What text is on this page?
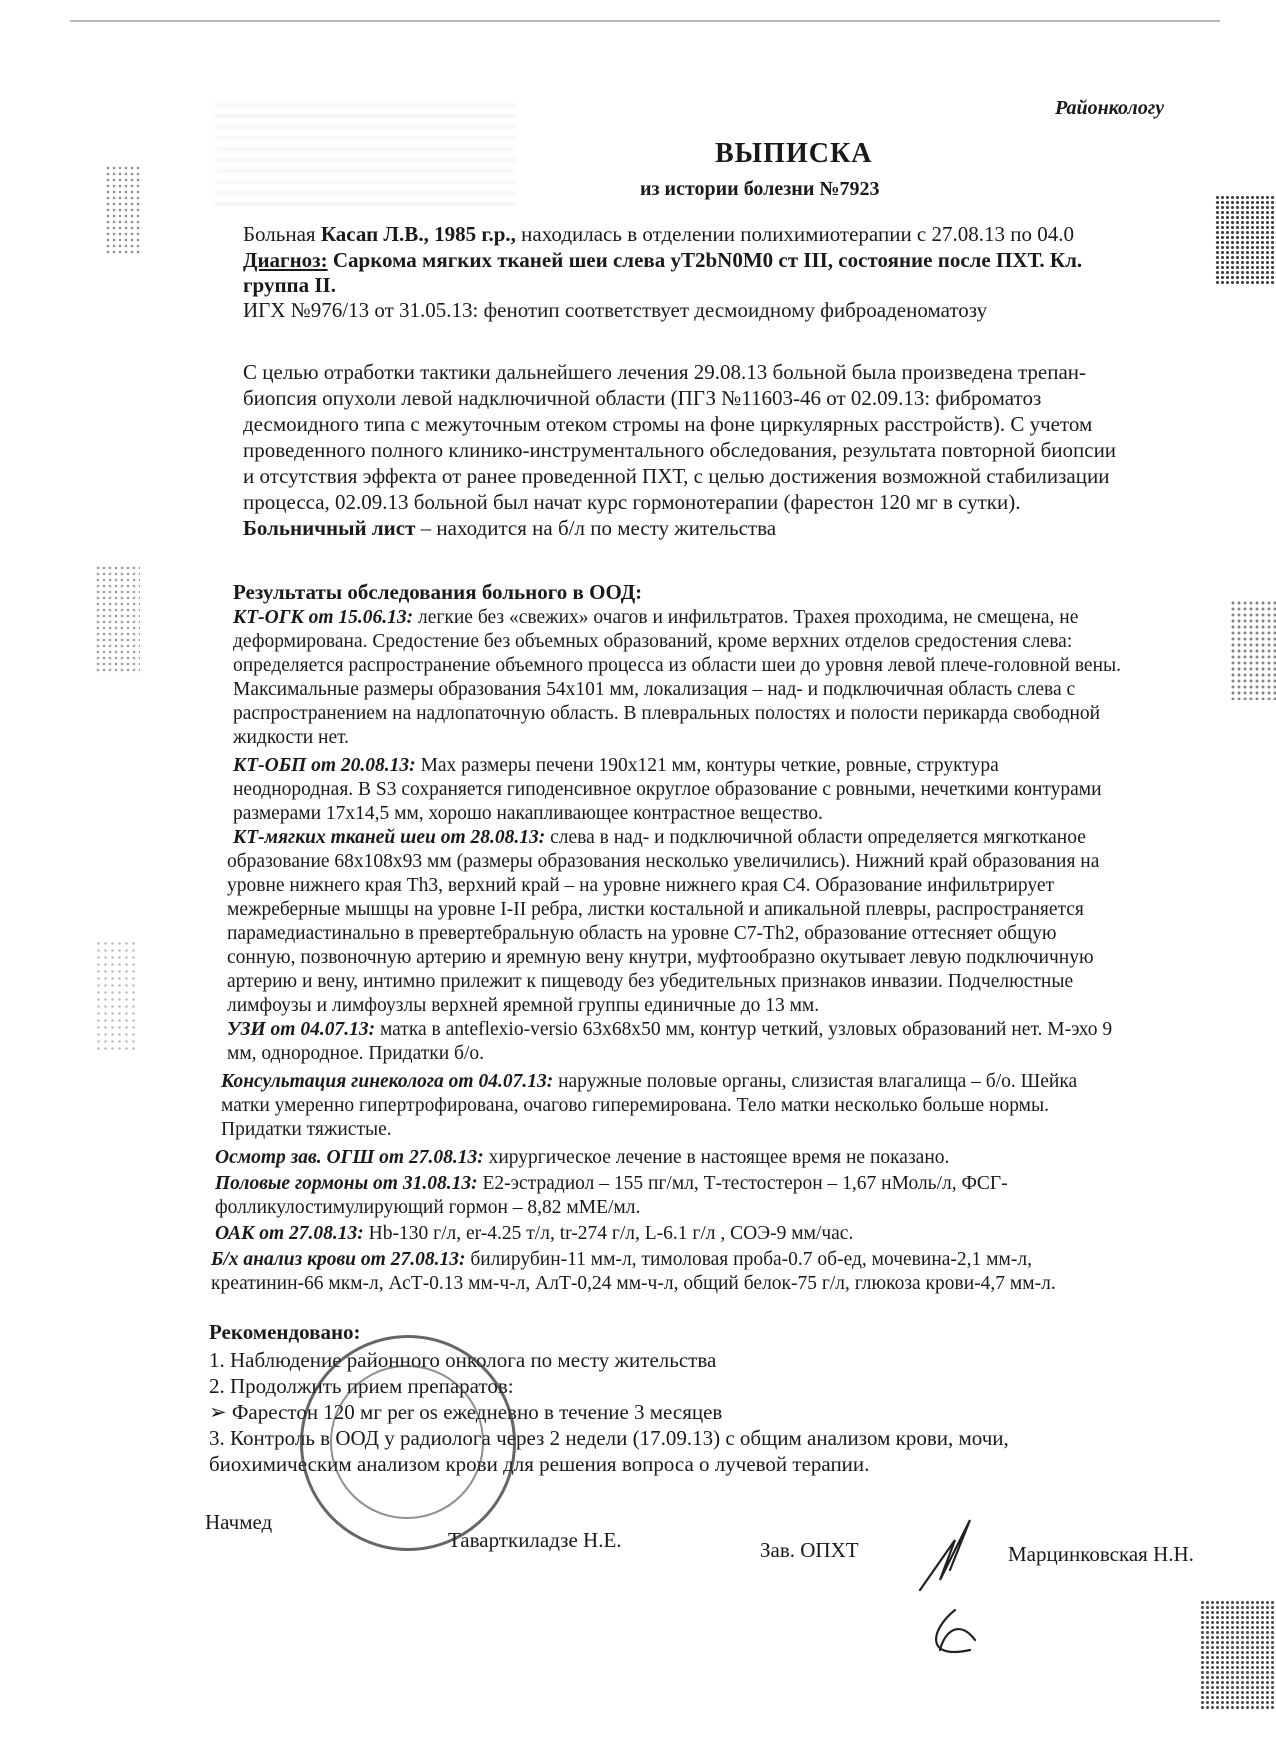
Районкологу
ВЫПИСКА
из истории болезни №7923
Больная Касап Л.В., 1985 г.р., находилась в отделении полихимиотерапии с 27.08.13 по 04.0
Диагноз: Саркома мягких тканей шеи слева уТ2bN0M0 ст III, состояние после ПХТ. Кл.
группа II.
ИГХ №976/13 от 31.05.13: фенотип соответствует десмоидному фиброаденоматозу
С целью отработки тактики дальнейшего лечения 29.08.13 больной была произведена трепан-
биопсия опухоли левой надключичной области (ПГЗ №11603-46 от 02.09.13: фиброматоз
десмоидного типа с межуточным отеком стромы на фоне циркулярных расстройств). С учетом
проведенного полного клинико-инструментального обследования, результата повторной биопсии
и отсутствия эффекта от ранее проведенной ПХТ, с целью достижения возможной стабилизации
процесса, 02.09.13 больной был начат курс гормонотерапии (фарестон 120 мг в сутки).
Больничный лист – находится на б/л по месту жительства
Результаты обследования больного в ООД:
КТ-ОГК от 15.06.13: легкие без «свежих» очагов и инфильтратов. Трахея проходима, не смещена, не
деформирована. Средостение без объемных образований, кроме верхних отделов средостения слева:
определяется распространение объемного процесса из области шеи до уровня левой плече-головной вены.
Максимальные размеры образования 54x101 мм, локализация – над- и подключичная область слева с
распространением на надлопаточную область. В плевральных полостях и полости перикарда свободной
жидкости нет.
КТ-ОБП от 20.08.13: Max размеры печени 190x121 мм, контуры четкие, ровные, структура
неоднородная. В S3 сохраняется гиподенсивное округлое образование с ровными, нечеткими контурами
размерами 17x14,5 мм, хорошо накапливающее контрастное вещество.
КТ-мягких тканей шеи от 28.08.13: слева в над- и подключичной области определяется мягкотканое
образование 68x108x93 мм (размеры образования несколько увеличились). Нижний край образования на
уровне нижнего края Th3, верхний край – на уровне нижнего края С4. Образование инфильтрирует
межреберные мышцы на уровне I-II ребра, листки костальной и апикальной плевры, распространяется
парамедиастинально в превертебральную область на уровне С7-Th2, образование оттесняет общую
сонную, позвоночную артерию и яремную вену кнутри, муфтообразно окутывает левую подключичную
артерию и вену, интимно прилежит к пищеводу без убедительных признаков инвазии. Подчелюстные
лимфоузы и лимфоузлы верхней яремной группы единичные до 13 мм.
УЗИ от 04.07.13: матка в anteflexio-versio 63x68x50 мм, контур четкий, узловых образований нет. М-эхо 9
мм, однородное. Придатки б/о.
Консультация гинеколога от 04.07.13: наружные половые органы, слизистая влагалища – б/о. Шейка
матки умеренно гипертрофирована, очагово гиперемирована. Тело матки несколько больше нормы.
Придатки тяжистые.
Осмотр зав. ОГШ от 27.08.13: хирургическое лечение в настоящее время не показано.
Половые гормоны от 31.08.13: Е2-эстрадиол – 155 пг/мл, Т-тестостерон – 1,67 нМоль/л, ФСГ-
фолликулостимулирующий гормон – 8,82 мМЕ/мл.
ОАК от 27.08.13: Hb-130 г/л, er-4.25 т/л, tr-274 г/л, L-6.1 г/л , СОЭ-9 мм/час.
Б/х анализ крови от 27.08.13: билирубин-11 мм-л, тимоловая проба-0.7 об-ед, мочевина-2,1 мм-л,
креатинин-66 мкм-л, АсТ-0.13 мм-ч-л, АлТ-0,24 мм-ч-л, общий белок-75 г/л, глюкоза крови-4,7 мм-л.
Рекомендовано:
1. Наблюдение районного онколога по месту жительства
2. Продолжить прием препаратов:
➢ Фарестон 120 мг per os ежедневно в течение 3 месяцев
3. Контроль в ООД у радиолога через 2 недели (17.09.13) с общим анализом крови, мочи,
биохимическим анализом крови для решения вопроса о лучевой терапии.
Начмед
Таварткиладзе Н.Е.	Зав. ОПХТ	Марцинковская Н.Н.
